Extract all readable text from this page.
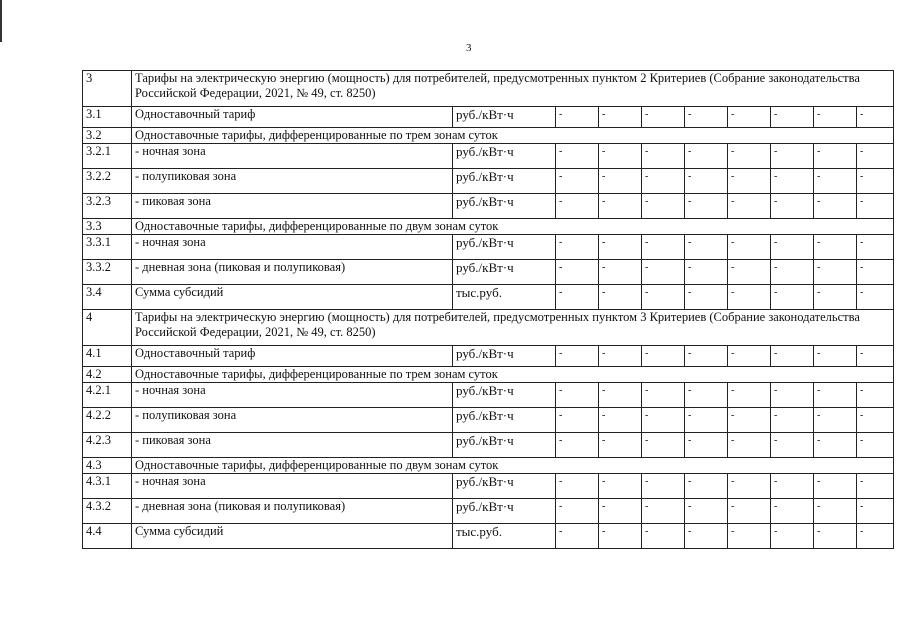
3
3	Тарифы на электрическую энергию (мощность) для потребителей, предусмотренных пунктом 2 Критериев (Собрание законодательства Российской Федерации, 2021, № 49, ст. 8250)									
3.1	Одноставочный тариф	руб./кВт·ч	-	-	-	-	-	-	-	-
3.2	Одноставочные тарифы, дифференцированные по трем зонам суток									
3.2.1	- ночная зона	руб./кВт·ч	-	-	-	-	-	-	-	-
3.2.2	- полупиковая зона	руб./кВт·ч	-	-	-	-	-	-	-	-
3.2.3	- пиковая зона	руб./кВт·ч	-	-	-	-	-	-	-	-
3.3	Одноставочные тарифы, дифференцированные по двум зонам суток									
3.3.1	- ночная зона	руб./кВт·ч	-	-	-	-	-	-	-	-
3.3.2	- дневная зона (пиковая и полупиковая)	руб./кВт·ч	-	-	-	-	-	-	-	-
3.4	Сумма субсидий	тыс.руб.	-	-	-	-	-	-	-	-
4	Тарифы на электрическую энергию (мощность) для потребителей, предусмотренных пунктом 3 Критериев (Собрание законодательства Российской Федерации, 2021, № 49, ст. 8250)									
4.1	Одноставочный тариф	руб./кВт·ч	-	-	-	-	-	-	-	-
4.2	Одноставочные тарифы, дифференцированные по трем зонам суток									
4.2.1	- ночная зона	руб./кВт·ч	-	-	-	-	-	-	-	-
4.2.2	- полупиковая зона	руб./кВт·ч	-	-	-	-	-	-	-	-
4.2.3	- пиковая зона	руб./кВт·ч	-	-	-	-	-	-	-	-
4.3	Одноставочные тарифы, дифференцированные по двум зонам суток									
4.3.1	- ночная зона	руб./кВт·ч	-	-	-	-	-	-	-	-
4.3.2	- дневная зона (пиковая и полупиковая)	руб./кВт·ч	-	-	-	-	-	-	-	-
4.4	Сумма субсидий	тыс.руб.	-	-	-	-	-	-	-	-
